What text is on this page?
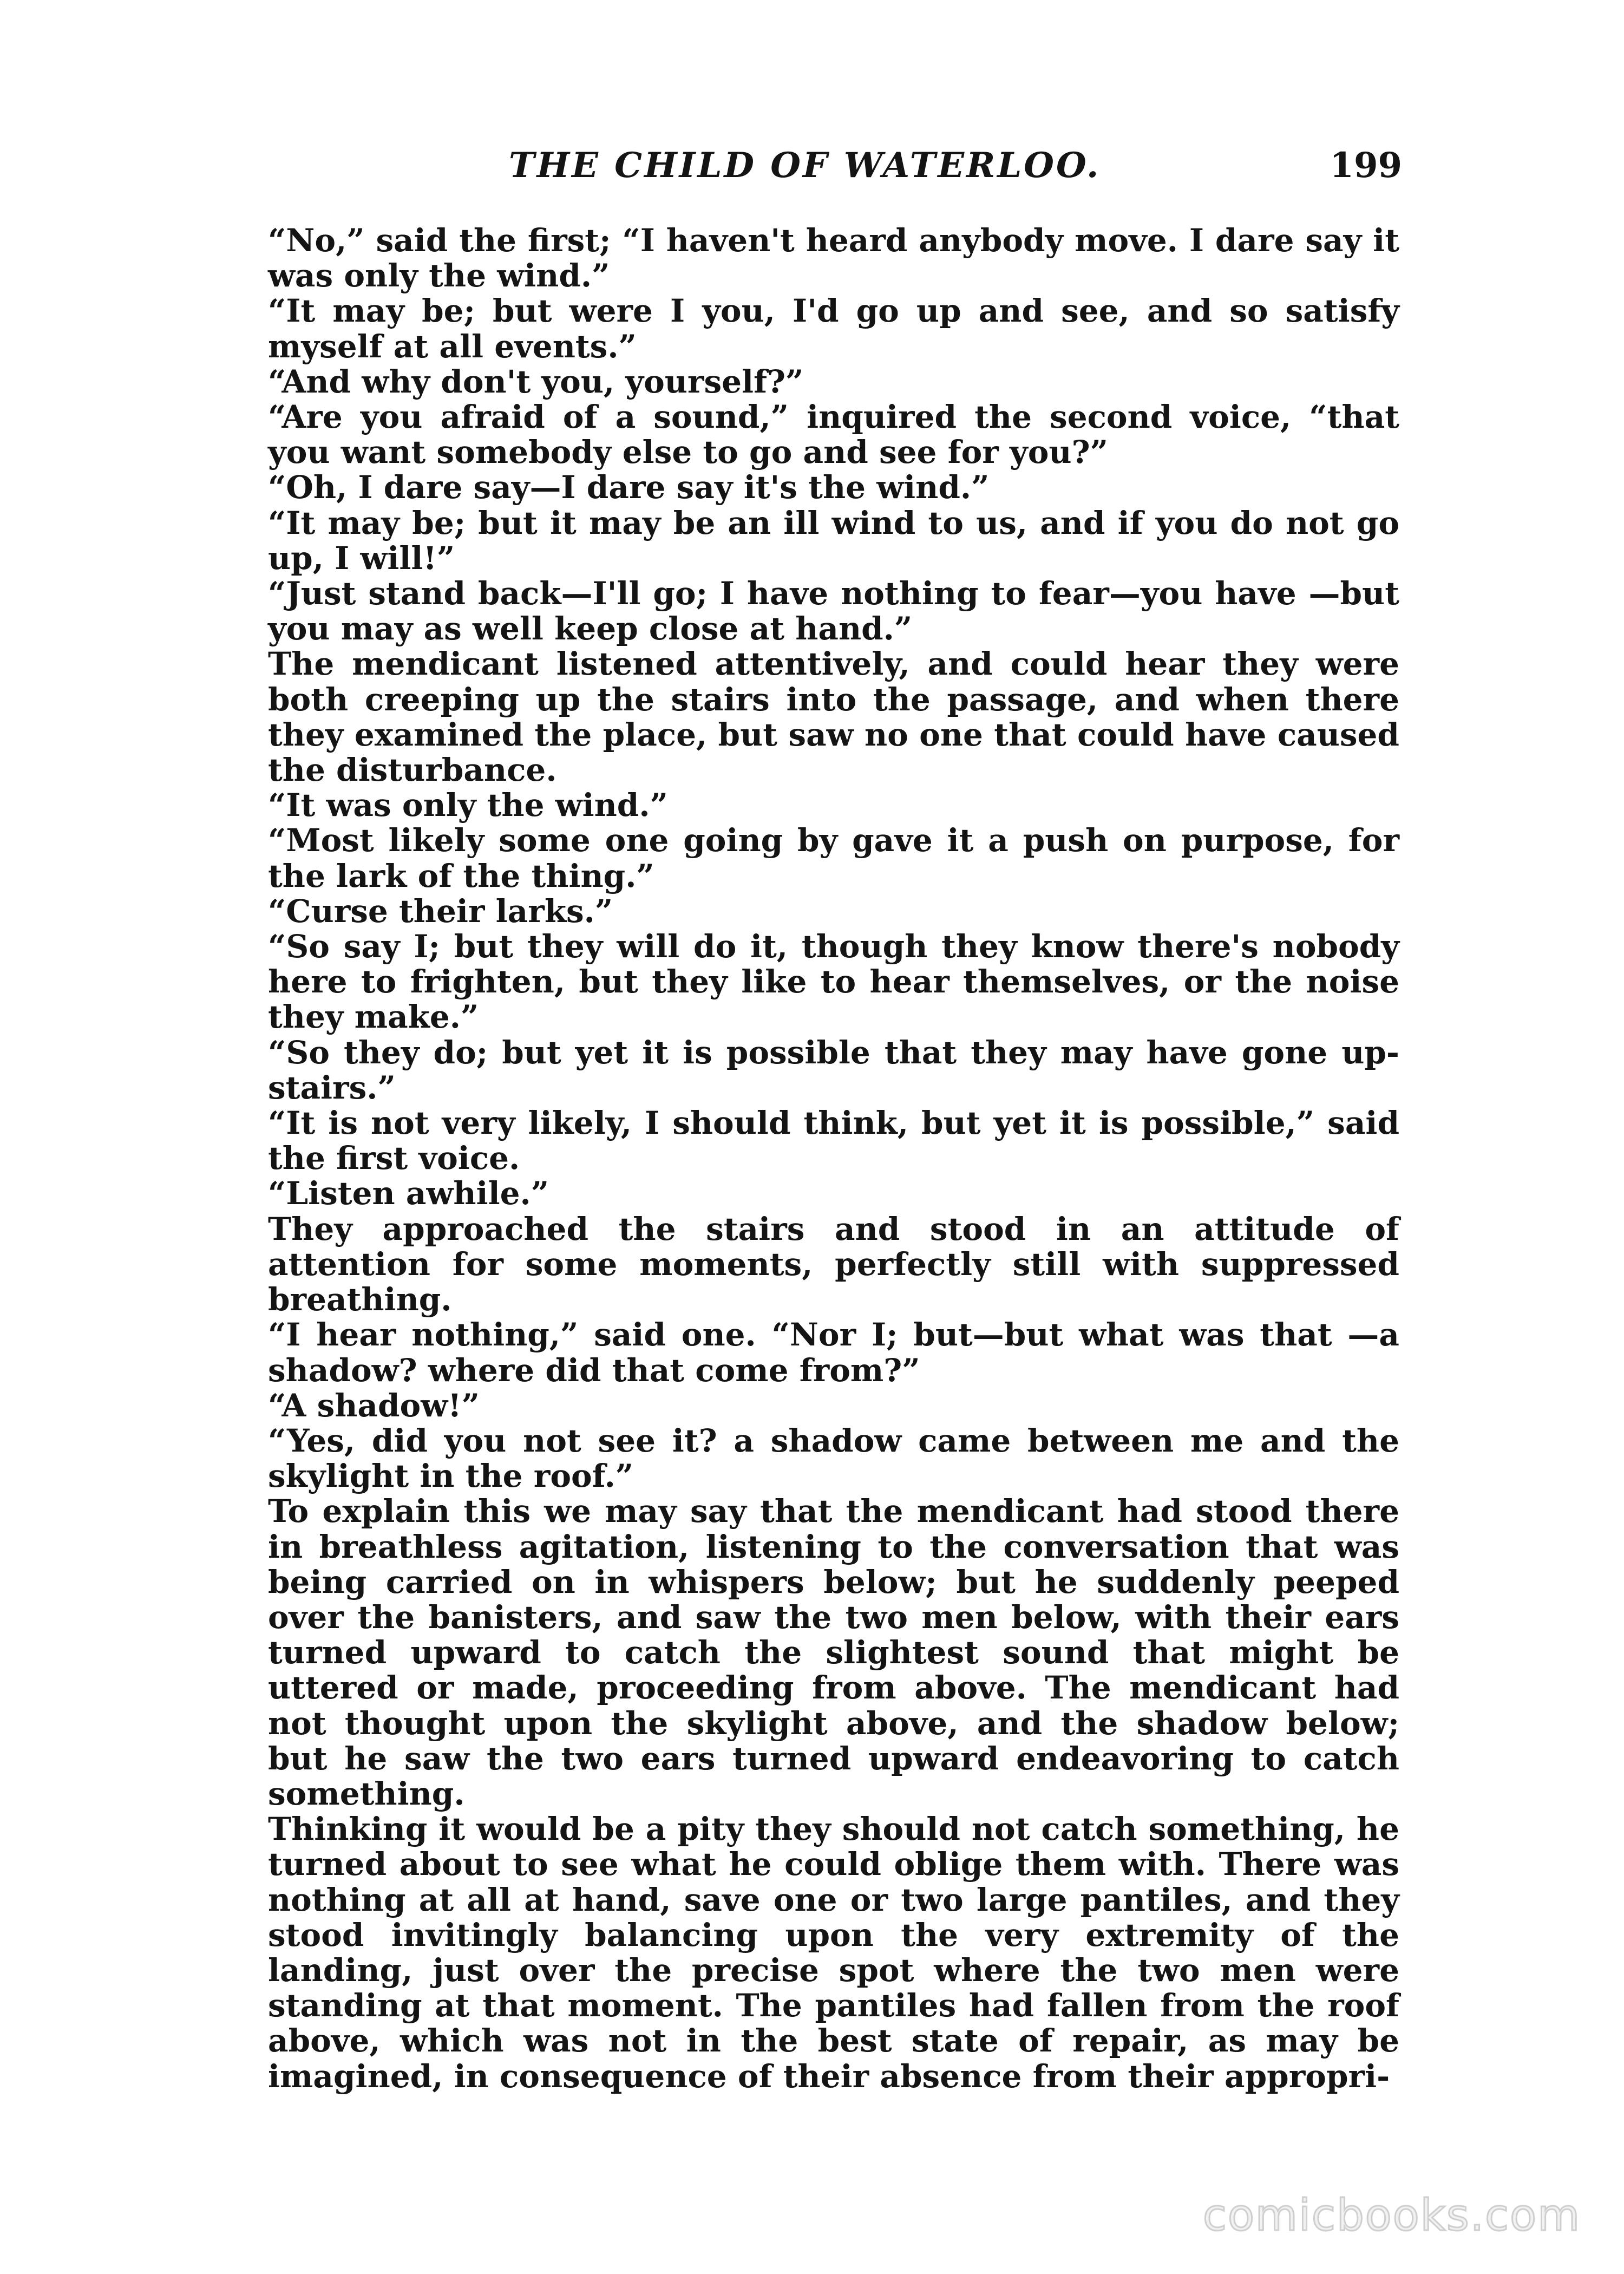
THE CHILD OF WATERLOO.	199

“No,” said the first; “I haven't heard anybody move. I dare say it was only the wind.”

“It may be; but were I you, I'd go up and see, and so satisfy myself at all events.”

“And why don't you, yourself?”

“Are you afraid of a sound,” inquired the second voice, “that you want somebody else to go and see for you?”

“Oh, I dare say—I dare say it's the wind.”

“It may be; but it may be an ill wind to us, and if you do not go up, I will!”

“Just stand back—I'll go; I have nothing to fear—you have —but you may as well keep close at hand.”

The mendicant listened attentively, and could hear they were both creeping up the stairs into the passage, and when there they examined the place, but saw no one that could have caused the disturbance.

“It was only the wind.”

“Most likely some one going by gave it a push on purpose, for the lark of the thing.”

“Curse their larks.”

“So say I; but they will do it, though they know there's nobody here to frighten, but they like to hear themselves, or the noise they make.”

“So they do; but yet it is possible that they may have gone up-stairs.”

“It is not very likely, I should think, but yet it is possible,” said the first voice.

“Listen awhile.”

They approached the stairs and stood in an attitude of attention for some moments, perfectly still with suppressed breathing.

“I hear nothing,” said one. “Nor I; but—but what was that —a shadow? where did that come from?”

“A shadow!”

“Yes, did you not see it? a shadow came between me and the skylight in the roof.”

To explain this we may say that the mendicant had stood there in breathless agitation, listening to the conversation that was being carried on in whispers below; but he suddenly peeped over the banisters, and saw the two men below, with their ears turned upward to catch the slightest sound that might be uttered or made, proceeding from above. The mendicant had not thought upon the skylight above, and the shadow below; but he saw the two ears turned upward endeavoring to catch something.

Thinking it would be a pity they should not catch something, he turned about to see what he could oblige them with. There was nothing at all at hand, save one or two large pantiles, and they stood invitingly balancing upon the very extremity of the landing, just over the precise spot where the two men were standing at that moment. The pantiles had fallen from the roof above, which was not in the best state of repair, as may be imagined, in consequence of their absence from their appropri-

comicbooks.com
